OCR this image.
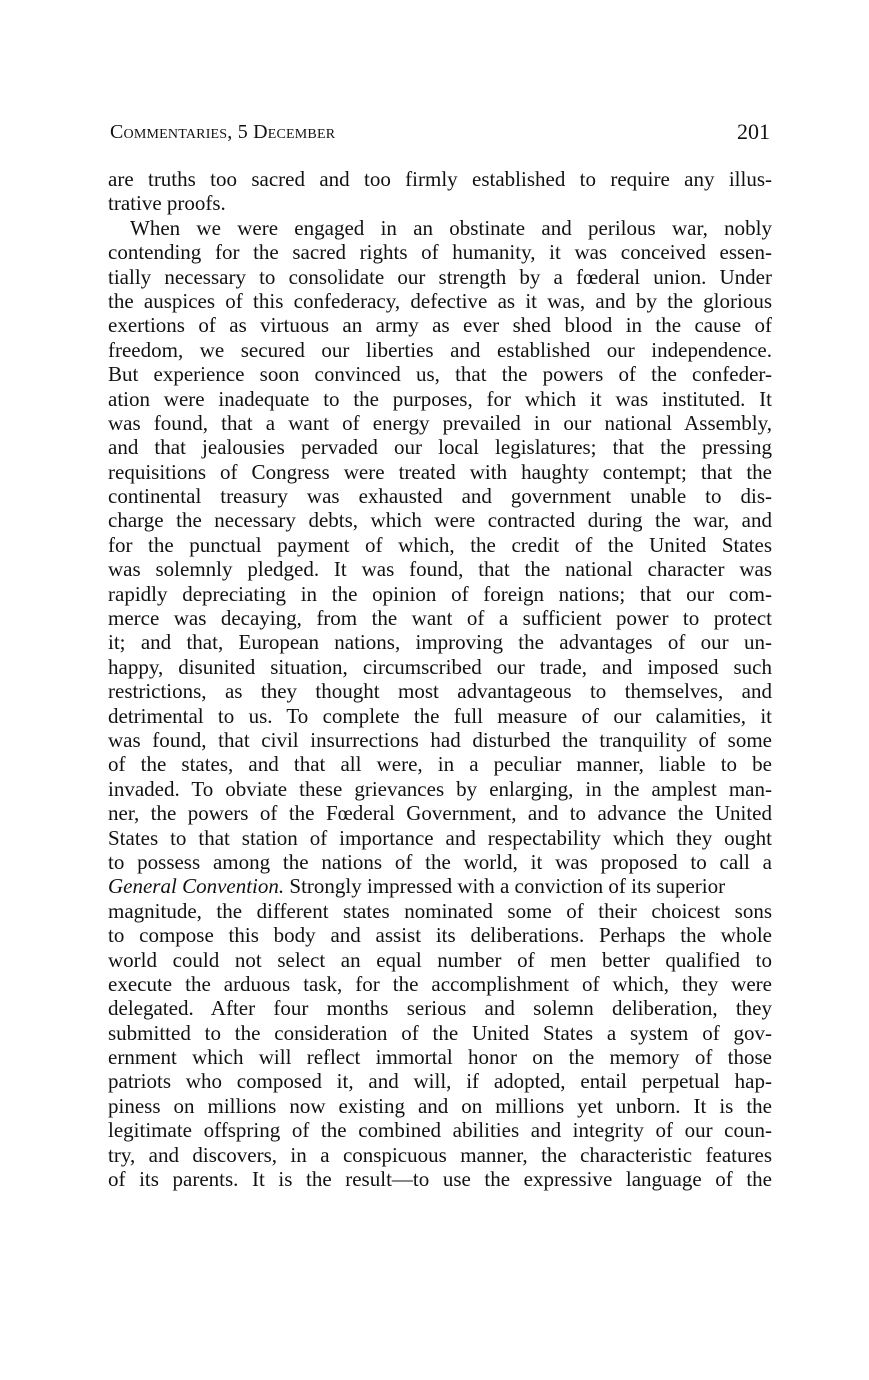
Commentaries, 5 December	201
are truths too sacred and too firmly established to require any illus-
trative proofs.
When we were engaged in an obstinate and perilous war, nobly
contending for the sacred rights of humanity, it was conceived essen-
tially necessary to consolidate our strength by a fœderal union. Under
the auspices of this confederacy, defective as it was, and by the glorious
exertions of as virtuous an army as ever shed blood in the cause of
freedom, we secured our liberties and established our independence.
But experience soon convinced us, that the powers of the confeder-
ation were inadequate to the purposes, for which it was instituted. It
was found, that a want of energy prevailed in our national Assembly,
and that jealousies pervaded our local legislatures; that the pressing
requisitions of Congress were treated with haughty contempt; that the
continental treasury was exhausted and government unable to dis-
charge the necessary debts, which were contracted during the war, and
for the punctual payment of which, the credit of the United States
was solemnly pledged. It was found, that the national character was
rapidly depreciating in the opinion of foreign nations; that our com-
merce was decaying, from the want of a sufficient power to protect
it; and that, European nations, improving the advantages of our un-
happy, disunited situation, circumscribed our trade, and imposed such
restrictions, as they thought most advantageous to themselves, and
detrimental to us. To complete the full measure of our calamities, it
was found, that civil insurrections had disturbed the tranquility of some
of the states, and that all were, in a peculiar manner, liable to be
invaded. To obviate these grievances by enlarging, in the amplest man-
ner, the powers of the Fœderal Government, and to advance the United
States to that station of importance and respectability which they ought
to possess among the nations of the world, it was proposed to call a
General Convention. Strongly impressed with a conviction of its superior
magnitude, the different states nominated some of their choicest sons
to compose this body and assist its deliberations. Perhaps the whole
world could not select an equal number of men better qualified to
execute the arduous task, for the accomplishment of which, they were
delegated. After four months serious and solemn deliberation, they
submitted to the consideration of the United States a system of gov-
ernment which will reflect immortal honor on the memory of those
patriots who composed it, and will, if adopted, entail perpetual hap-
piness on millions now existing and on millions yet unborn. It is the
legitimate offspring of the combined abilities and integrity of our coun-
try, and discovers, in a conspicuous manner, the characteristic features
of its parents. It is the result—to use the expressive language of the
